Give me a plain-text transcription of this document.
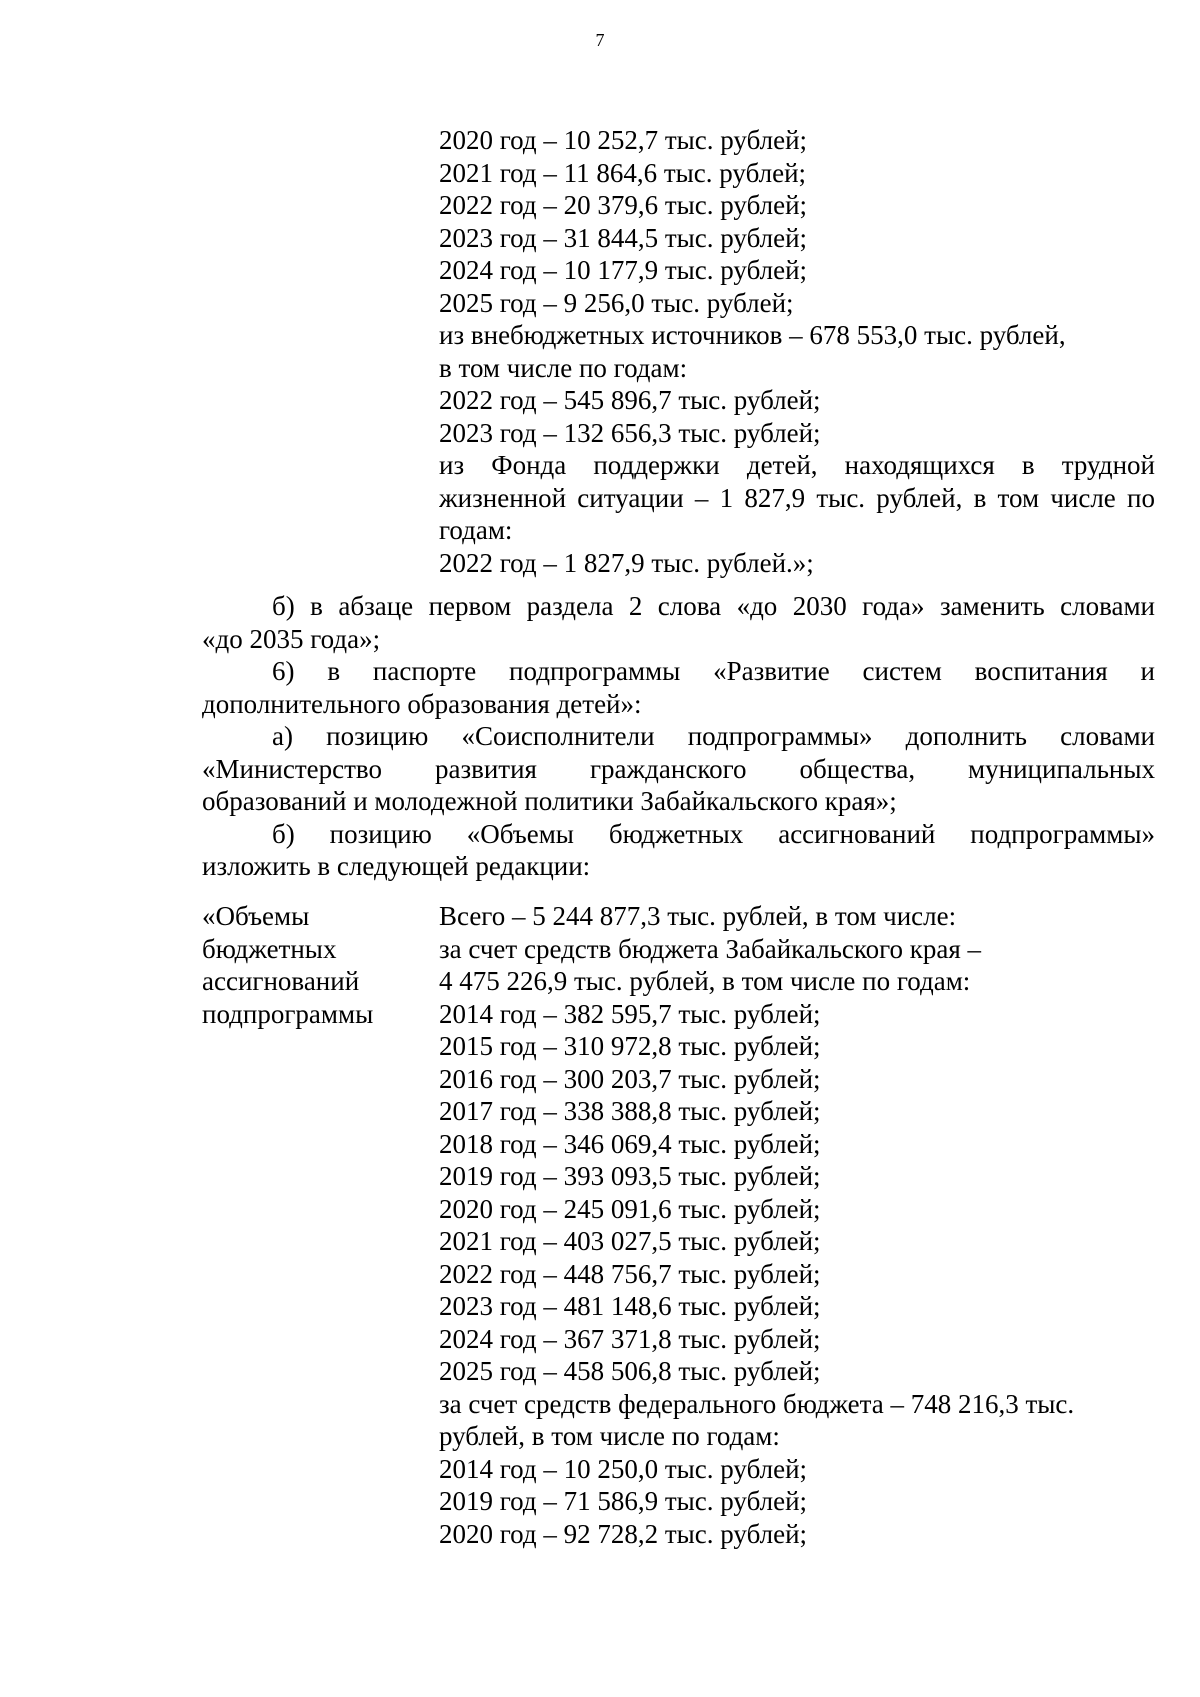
7
2020 год – 10 252,7 тыс. рублей;
2021 год – 11 864,6 тыс. рублей;
2022 год – 20 379,6 тыс. рублей;
2023 год – 31 844,5 тыс. рублей;
2024 год – 10 177,9 тыс. рублей;
2025 год – 9 256,0 тыс. рублей;
из внебюджетных источников – 678 553,0 тыс. рублей,
в том числе по годам:
2022 год – 545 896,7 тыс. рублей;
2023 год – 132 656,3 тыс. рублей;
из Фонда поддержки детей, находящихся в трудной
жизненной ситуации – 1 827,9 тыс. рублей, в том числе по
годам:
2022 год – 1 827,9 тыс. рублей.»;
б) в абзаце первом раздела 2 слова «до 2030 года» заменить словами
«до 2035 года»;
6) в паспорте подпрограммы «Развитие систем воспитания и
дополнительного образования детей»:
а) позицию «Соисполнители подпрограммы» дополнить словами
«Министерство развития гражданского общества, муниципальных
образований и молодежной политики Забайкальского края»;
б) позицию «Объемы бюджетных ассигнований подпрограммы»
изложить в следующей редакции:
«Объемы
бюджетных
ассигнований
подпрограммы
Всего – 5 244 877,3 тыс. рублей, в том числе:
за счет средств бюджета Забайкальского края –
4 475 226,9 тыс. рублей, в том числе по годам:
2014 год – 382 595,7 тыс. рублей;
2015 год – 310 972,8 тыс. рублей;
2016 год – 300 203,7 тыс. рублей;
2017 год – 338 388,8 тыс. рублей;
2018 год – 346 069,4 тыс. рублей;
2019 год – 393 093,5 тыс. рублей;
2020 год – 245 091,6 тыс. рублей;
2021 год – 403 027,5 тыс. рублей;
2022 год – 448 756,7 тыс. рублей;
2023 год – 481 148,6 тыс. рублей;
2024 год – 367 371,8 тыс. рублей;
2025 год – 458 506,8 тыс. рублей;
за счет средств федерального бюджета – 748 216,3 тыс.
рублей, в том числе по годам:
2014 год – 10 250,0 тыс. рублей;
2019 год – 71 586,9 тыс. рублей;
2020 год – 92 728,2 тыс. рублей;
